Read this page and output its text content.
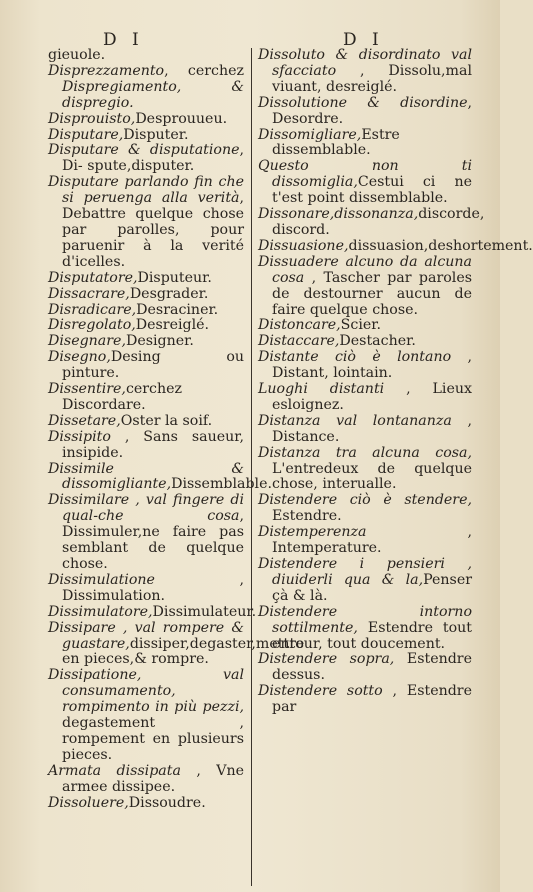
D I	D I
gieuole.
Disprezzamento, cerchez Dispregiamento, & dispregio.
Disprouisto,Desprouueu.
Disputare,Disputer.
Disputare & disputatione, Di- spute,disputer.
Disputare parlando fin che si peruenga alla verità, Debattre quelque chose par parolles, pour paruenir à la verité d'icelles.
Disputatore,Disputeur.
Dissacrare,Desgrader.
Disradicare,Desraciner.
Disregolato,Desreiglé.
Disegnare,Designer.
Disegno,Desing ou pinture.
Dissentire,cerchez Discordare.
Dissetare,Oster la soif.
Dissipito , Sans saueur, insipide.
Dissimile & dissomigliante,Dissemblable.
Dissimilare , val fingere di qual-che cosa, Dissimuler,ne faire pas semblant de quelque chose.
Dissimulatione , Dissimulation.
Dissimulatore,Dissimulateur.
Dissipare , val rompere & guastare,dissiper,degaster,mettre en pieces,& rompre.
Dissipatione, val consumamento, rompimento in più pezzi, degastement , rompement en plusieurs pieces.
Armata dissipata , Vne armee dissipee.
Dissoluere,Dissoudre.
Dissoluto & disordinato val sfacciato , Dissolu,mal viuant, desreiglé.
Dissolutione & disordine, Desordre.
Dissomigliare,Estre dissemblable.
Questo non ti dissomiglia,Cestui ci ne t'est point dissemblable.
Dissonare,dissonanza,discorde, discord.
Dissuasione,dissuasion,deshortement.
Dissuadere alcuno da alcuna cosa , Tascher par paroles de destourner aucun de faire quelque chose.
Distoncare,Scier.
Distaccare,Destacher.
Distante ciò è lontano , Distant, lointain.
Luoghi distanti , Lieux esloignez.
Distanza val lontananza , Distance.
Distanza tra alcuna cosa, L'entredeux de quelque chose, interualle.
Distendere ciò è stendere, Estendre.
Distemperenza , Intemperature.
Distendere i pensieri , diuiderli qua & la,Penser çà & là.
Distendere intorno sottilmente, Estendre tout entour, tout doucement.
Distendere sopra, Estendre dessus.
Distendere sotto , Estendre par
